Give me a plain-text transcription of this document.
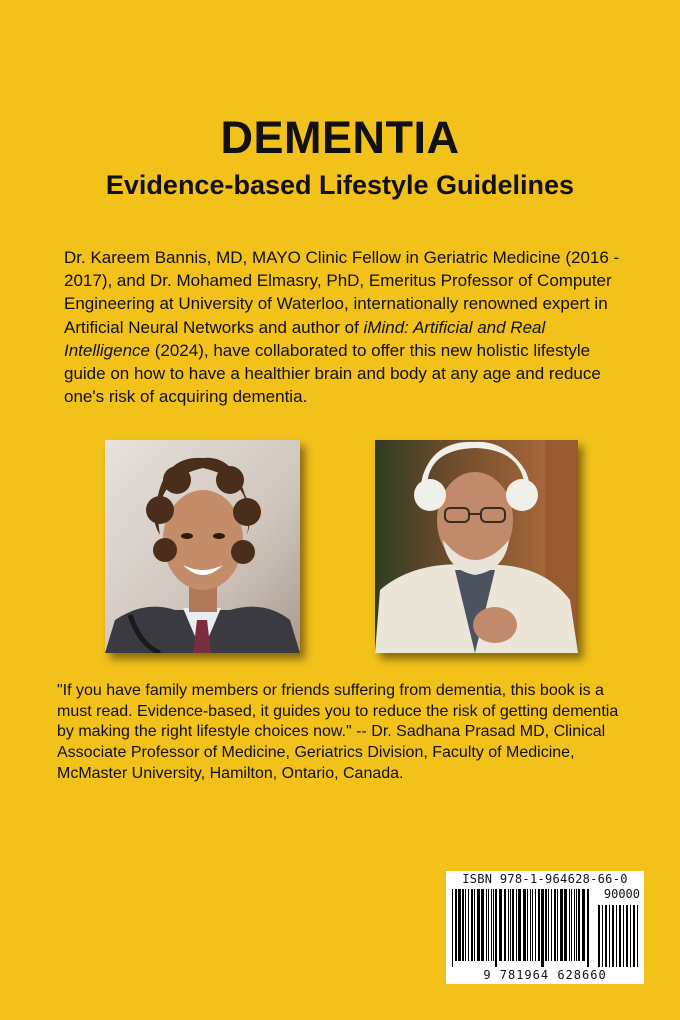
DEMENTIA
Evidence-based Lifestyle Guidelines
Dr. Kareem Bannis, MD, MAYO Clinic Fellow in Geriatric Medicine (2016 - 2017), and Dr. Mohamed Elmasry, PhD, Emeritus Professor of Computer Engineering at University of Waterloo, internationally renowned expert in Artificial Neural Networks and author of iMind: Artificial and Real Intelligence (2024), have collaborated to offer this new holistic lifestyle guide on how to have a healthier brain and body at any age and reduce one's risk of acquiring dementia.
"If you have family members or friends suffering from dementia, this book is a must read. Evidence-based, it guides you to reduce the risk of getting dementia by making the right lifestyle choices now." -- Dr. Sadhana Prasad MD, Clinical Associate Professor of Medicine, Geriatrics Division, Faculty of Medicine, McMaster University, Hamilton, Ontario, Canada.
ISBN 978-1-964628-66-0
90000
9 781964 628660
